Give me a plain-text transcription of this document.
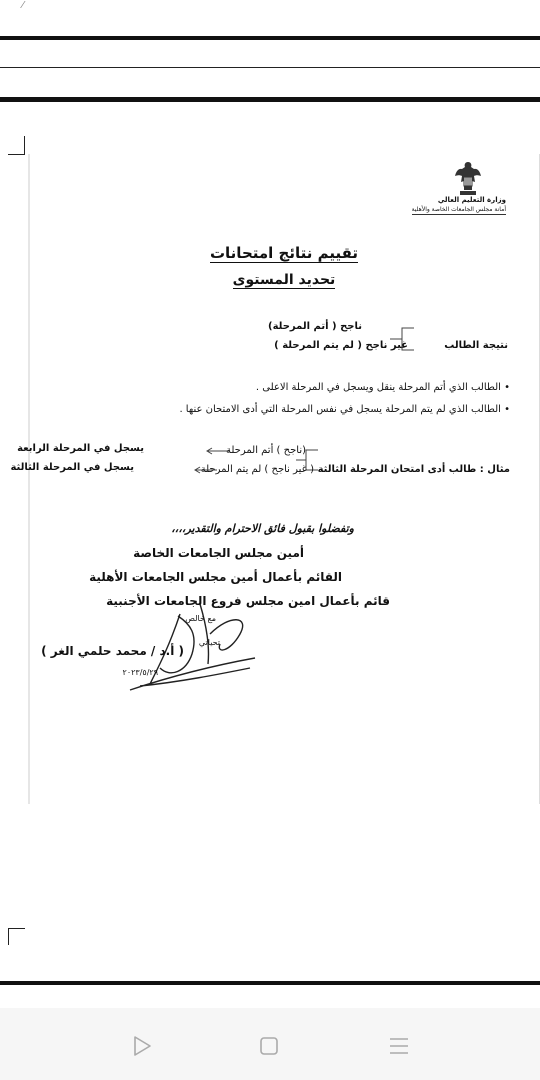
⁄
وزارة التعليم العالي
أمانة مجلس الجامعات الخاصة والأهلية
تقييم نتائج امتحانات
تحديد المستوى
ناجح ( أتم المرحلة)
نتيجة الطالب
غير ناجح ( لم يتم المرحلة )
• الطالب الذي أتم المرحلة ينقل ويسجل في المرحلة الاعلى .
• الطالب الذي لم يتم المرحلة يسجل في نفس المرحلة التي أدى الامتحان عنها .
مثال : طالب أدى امتحان المرحلة الثالثة
(ناجح ) أتم المرحلة
( غير ناجح ) لم يتم المرحلة
يسجل في المرحلة الرابعة
يسجل في المرحلة الثالثة
وتفضلوا بقبول فائق الاحترام والتقدير،،،،
أمين مجلس الجامعات الخاصة
القائم بأعمال أمين مجلس الجامعات الأهلية
قائم بأعمال امين مجلس فروع الجامعات الأجنبية
مع خالص
تحياتي
( أ.د / محمد حلمي الغر )
٢٠٢٣/٥/٢٩
